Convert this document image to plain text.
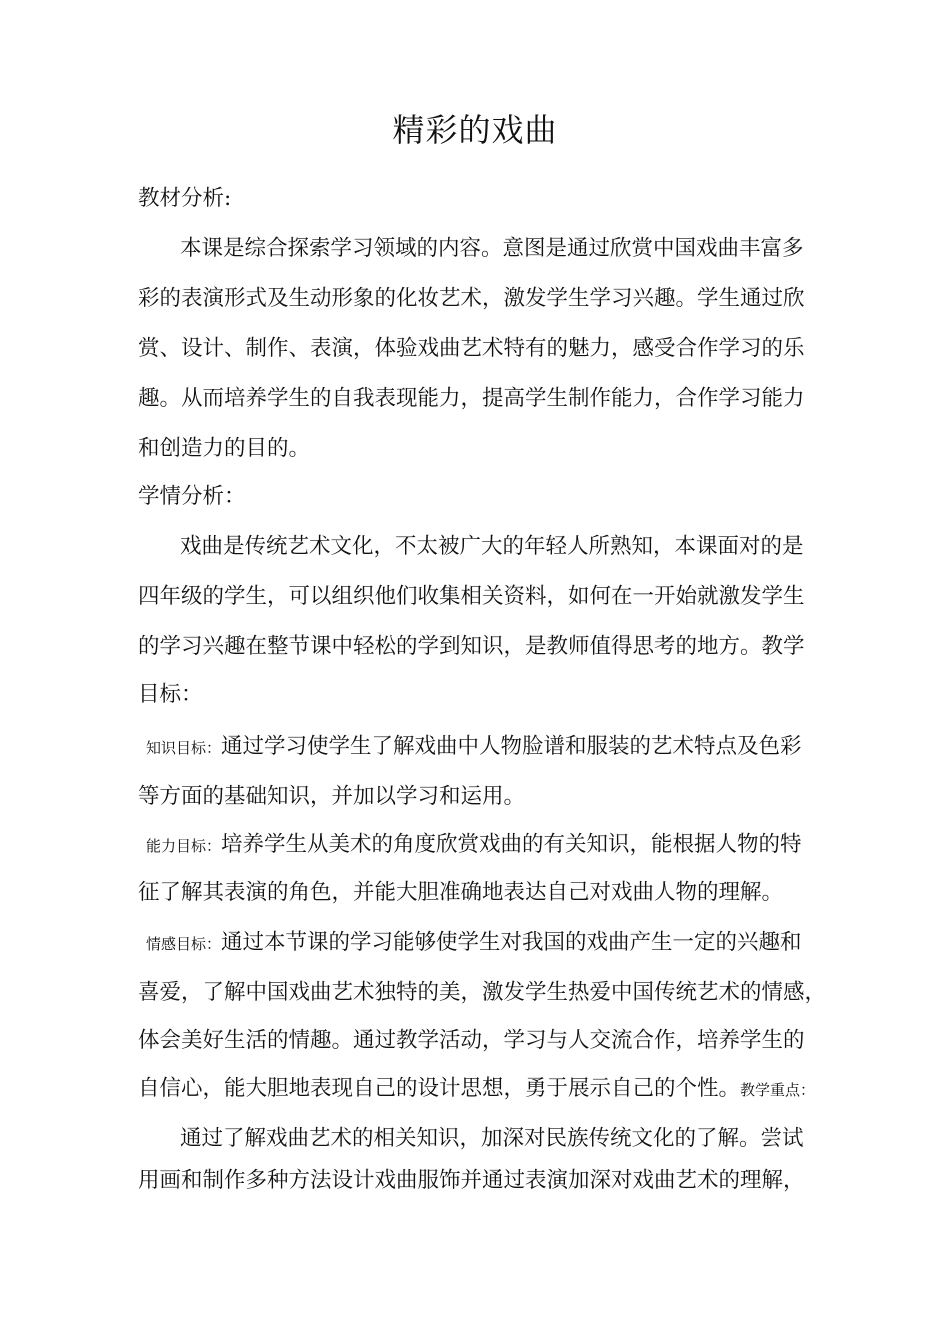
精彩的戏曲
教材分析:
本课是综合探索学习领域的内容。意图是通过欣赏中国戏曲丰富多
彩的表演形式及生动形象的化妆艺术，激发学生学习兴趣。学生通过欣
赏、设计、制作、表演，体验戏曲艺术特有的魅力，感受合作学习的乐
趣。从而培养学生的自我表现能力，提高学生制作能力，合作学习能力
和创造力的目的。
学情分析：
戏曲是传统艺术文化，不太被广大的年轻人所熟知，本课面对的是
四年级的学生，可以组织他们收集相关资料，如何在一开始就激发学生
的学习兴趣在整节课中轻松的学到知识，是教师值得思考的地方。教学
目标：
知识目标：通过学习使学生了解戏曲中人物脸谱和服装的艺术特点及色彩
等方面的基础知识，并加以学习和运用。
能力目标：培养学生从美术的角度欣赏戏曲的有关知识，能根据人物的特
征了解其表演的角色，并能大胆准确地表达自己对戏曲人物的理解。
情感目标：通过本节课的学习能够使学生对我国的戏曲产生一定的兴趣和
喜爱，了解中国戏曲艺术独特的美，激发学生热爱中国传统艺术的情感，
体会美好生活的情趣。通过教学活动，学习与人交流合作，培养学生的
自信心，能大胆地表现自己的设计思想，勇于展示自己的个性。教学重点：
通过了解戏曲艺术的相关知识，加深对民族传统文化的了解。尝试
用画和制作多种方法设计戏曲服饰并通过表演加深对戏曲艺术的理解，
